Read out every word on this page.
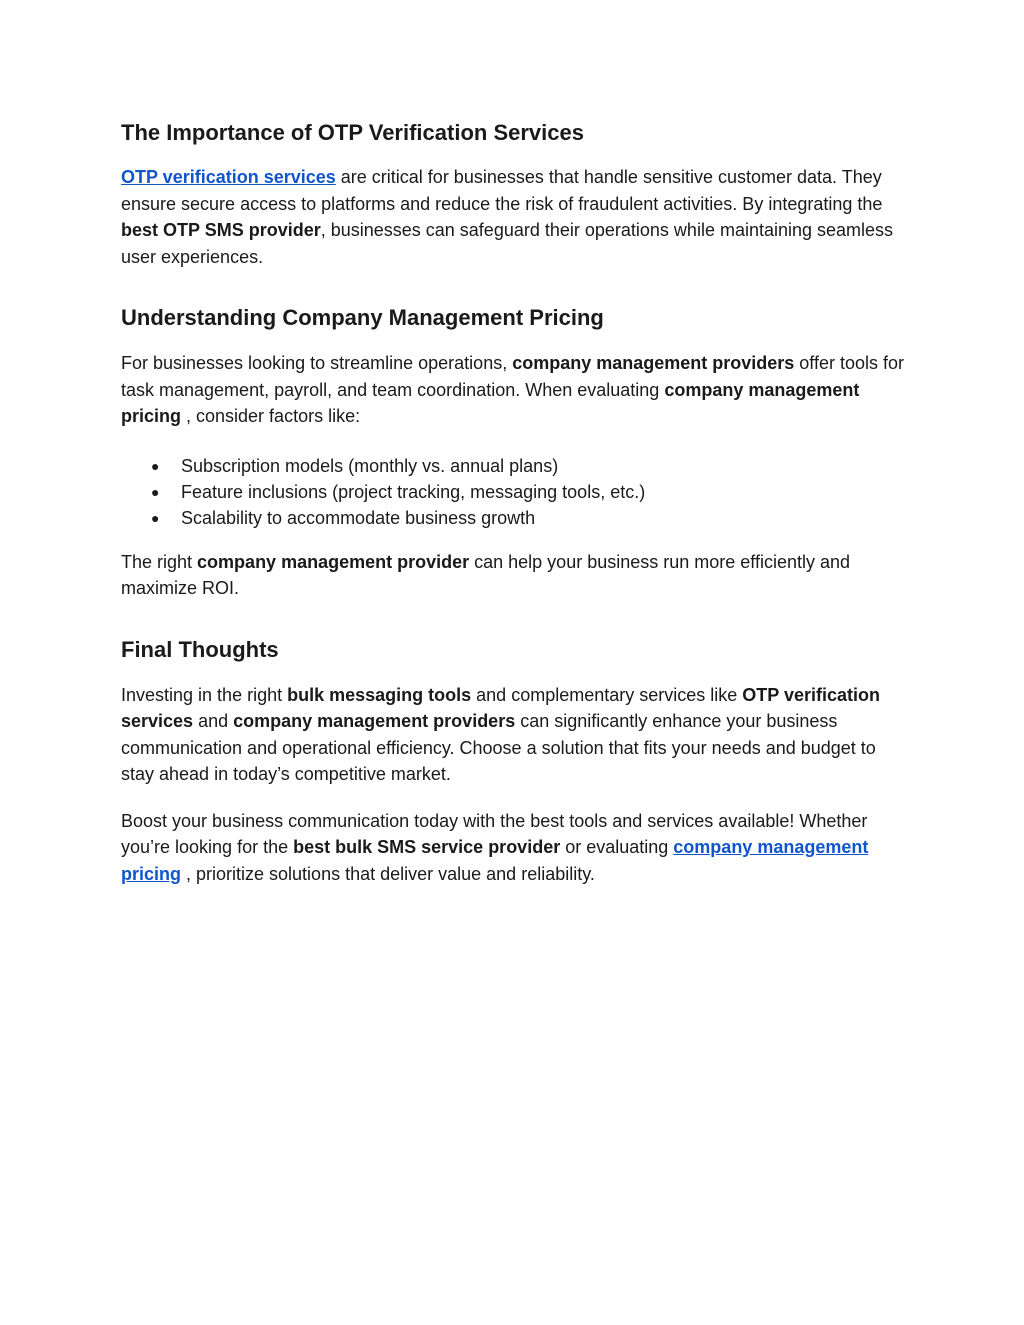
The Importance of OTP Verification Services

OTP verification services are critical for businesses that handle sensitive customer data. They ensure secure access to platforms and reduce the risk of fraudulent activities. By integrating the best OTP SMS provider, businesses can safeguard their operations while maintaining seamless user experiences.

Understanding Company Management Pricing

For businesses looking to streamline operations, company management providers offer tools for task management, payroll, and team coordination. When evaluating company management pricing , consider factors like:

● Subscription models (monthly vs. annual plans)
● Feature inclusions (project tracking, messaging tools, etc.)
● Scalability to accommodate business growth

The right company management provider can help your business run more efficiently and maximize ROI.

Final Thoughts

Investing in the right bulk messaging tools and complementary services like OTP verification services and company management providers can significantly enhance your business communication and operational efficiency. Choose a solution that fits your needs and budget to stay ahead in today’s competitive market.

Boost your business communication today with the best tools and services available! Whether you’re looking for the best bulk SMS service provider or evaluating company management pricing , prioritize solutions that deliver value and reliability.
